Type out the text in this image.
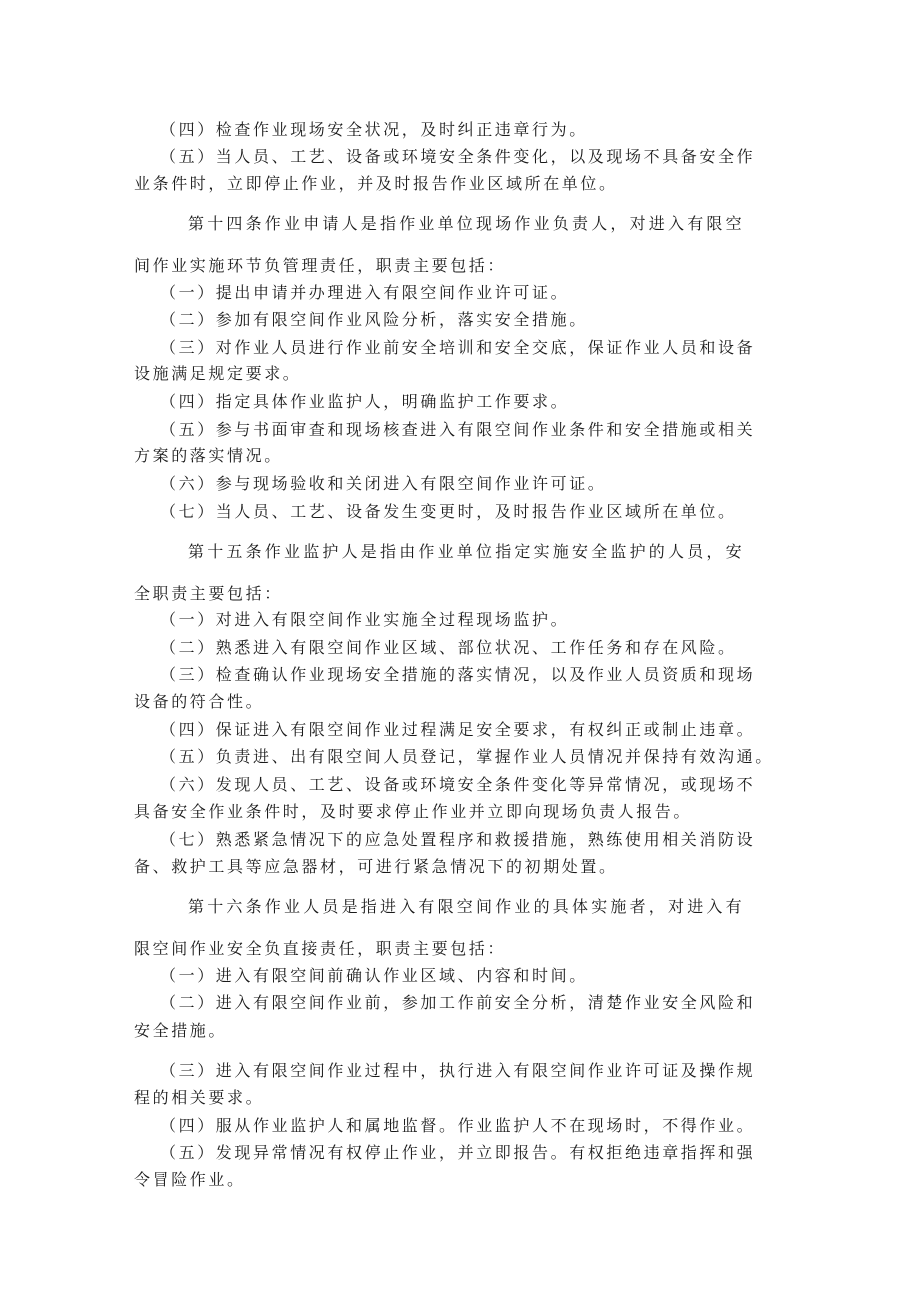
（四）检查作业现场安全状况，及时纠正违章行为。
（五）当人员、工艺、设备或环境安全条件变化，以及现场不具备安全作
业条件时，立即停止作业，并及时报告作业区域所在单位。
第十四条作业申请人是指作业单位现场作业负责人，对进入有限空
间作业实施环节负管理责任，职责主要包括：
（一）提出申请并办理进入有限空间作业许可证。
（二）参加有限空间作业风险分析，落实安全措施。
（三）对作业人员进行作业前安全培训和安全交底，保证作业人员和设备
设施满足规定要求。
（四）指定具体作业监护人，明确监护工作要求。
（五）参与书面审查和现场核查进入有限空间作业条件和安全措施或相关
方案的落实情况。
（六）参与现场验收和关闭进入有限空间作业许可证。
（七）当人员、工艺、设备发生变更时，及时报告作业区域所在单位。
第十五条作业监护人是指由作业单位指定实施安全监护的人员，安
全职责主要包括：
（一）对进入有限空间作业实施全过程现场监护。
（二）熟悉进入有限空间作业区域、部位状况、工作任务和存在风险。
（三）检查确认作业现场安全措施的落实情况，以及作业人员资质和现场
设备的符合性。
（四）保证进入有限空间作业过程满足安全要求，有权纠正或制止违章。
（五）负责进、出有限空间人员登记，掌握作业人员情况并保持有效沟通。
（六）发现人员、工艺、设备或环境安全条件变化等异常情况，或现场不
具备安全作业条件时，及时要求停止作业并立即向现场负责人报告。
（七）熟悉紧急情况下的应急处置程序和救援措施，熟练使用相关消防设
备、救护工具等应急器材，可进行紧急情况下的初期处置。
第十六条作业人员是指进入有限空间作业的具体实施者，对进入有
限空间作业安全负直接责任，职责主要包括：
（一）进入有限空间前确认作业区域、内容和时间。
（二）进入有限空间作业前，参加工作前安全分析，清楚作业安全风险和
安全措施。
（三）进入有限空间作业过程中，执行进入有限空间作业许可证及操作规
程的相关要求。
（四）服从作业监护人和属地监督。作业监护人不在现场时，不得作业。
（五）发现异常情况有权停止作业，并立即报告。有权拒绝违章指挥和强
令冒险作业。
